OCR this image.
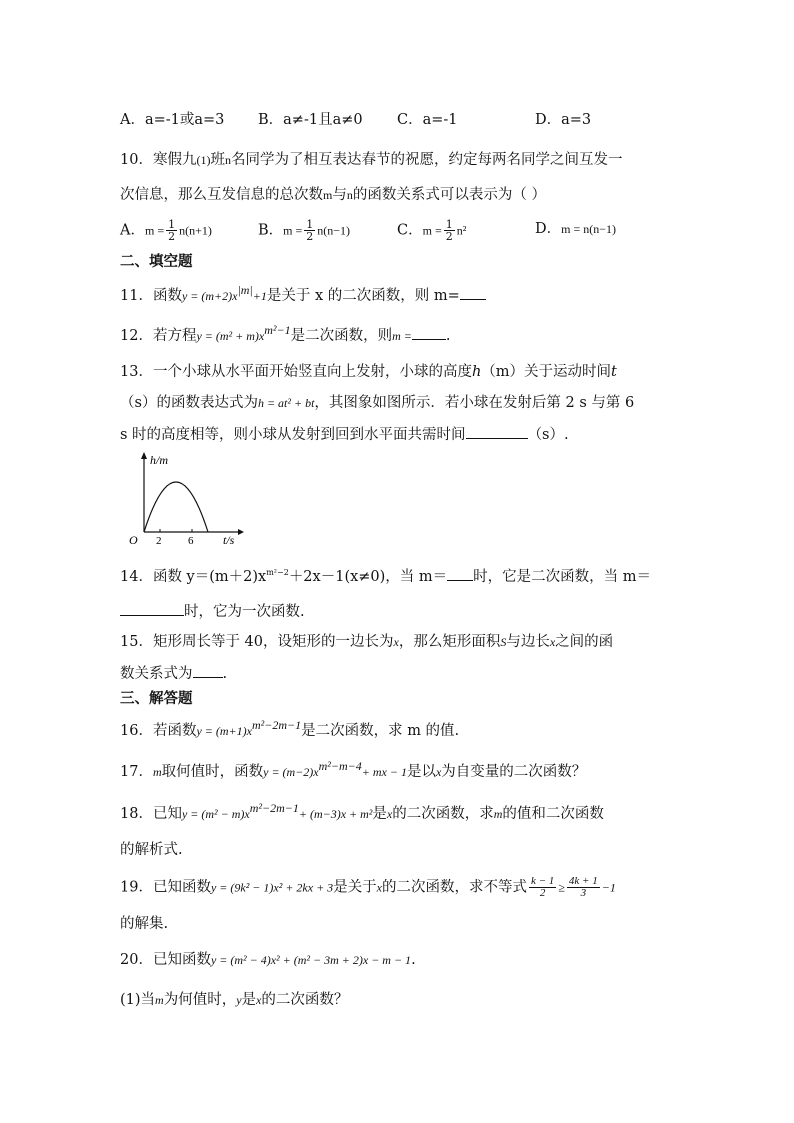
A．a=-1或a=3 B．a≠-1且a≠0 C．a=-1	D．a=3
10．寒假九(1)班n名同学为了相互表达春节的祝愿，约定每两名同学之间互发一
次信息，那么互发信息的总次数m与n的函数关系式可以表示为（ ）
A．$m = \frac{1}{2} n(n+1)$	B．$m = \frac{1}{2} n(n-1)$	C．$m = \frac{1}{2} n^2$	D．m = n(n−1)
二、填空题
11．函数$y = (m+2)x^{|m|}+1$是关于 x 的二次函数，则 m=
12．若方程$y = (m^2 + m)x^{m^2-1}$是二次函数，则m = .
13．一个小球从水平面开始竖直向上发射，小球的高度h（m）关于运动时间t
（s）的函数表达式为h = at² + bt，其图象如图所示．若小球在发射后第 2 s 与第 6
s 时的高度相等，则小球从发射到回到水平面共需时间	（s）.
h/m
t/s
O 2 6
14．函数 $y=(m+2)x^{m^2-2}+2x-1(x\ne 0)$，当 m＝ 时，它是二次函数，当 m＝
时，它为一次函数.
15．矩形周长等于 40，设矩形的一边长为x，那么矩形面积S与边长x之间的函
数关系式为 .
三、解答题
16．若函数$y = (m+1)x^{m^2-2m-1}$是二次函数，求 m 的值.
17．m取何值时，函数$y = (m-2)x^{m^2-m-4}+$ mx − 1是以x为自变量的二次函数？
18．已知$y = (m^2 - m)x^{m^2-2m-1}+ (m-3)x + m^2$是x的二次函数，求m的值和二次函数
的解析式.
19．已知函数y = (9k² − 1)x² + 2kx + 3是关于x的二次函数，求不等式 $\frac{k - 1}{2} \ge \frac{4k + 1}{3} -1$
的解集.
20．已知函数y = (m² − 4)x² + (m² − 3m + 2)x − m − 1.
(1)当m为何值时，y是x的二次函数？
